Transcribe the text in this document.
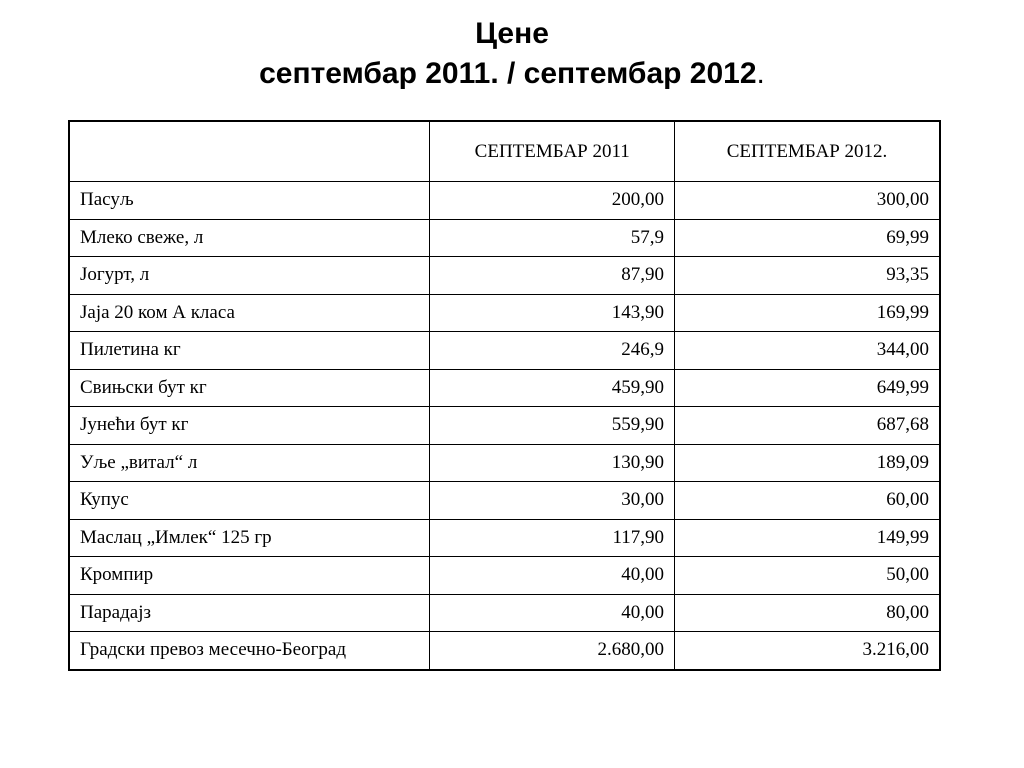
Цене
септембар 2011. / септембар 2012.
	СЕПТЕМБАР 2011	СЕПТЕМБАР 2012.
Пасуљ	200,00	300,00
Млеко свеже, л	57,9	69,99
Јогурт, л	87,90	93,35
Јаја 20 ком А класа	143,90	169,99
Пилетина кг	246,9	344,00
Свињски бут кг	459,90	649,99
Јунећи бут кг	559,90	687,68
Уље „витал“ л	130,90	189,09
Купус	30,00	60,00
Маслац „Имлек“ 125 гр	117,90	149,99
Кромпир	40,00	50,00
Парадајз	40,00	80,00
Градски превоз месечно-Београд	2.680,00	3.216,00
